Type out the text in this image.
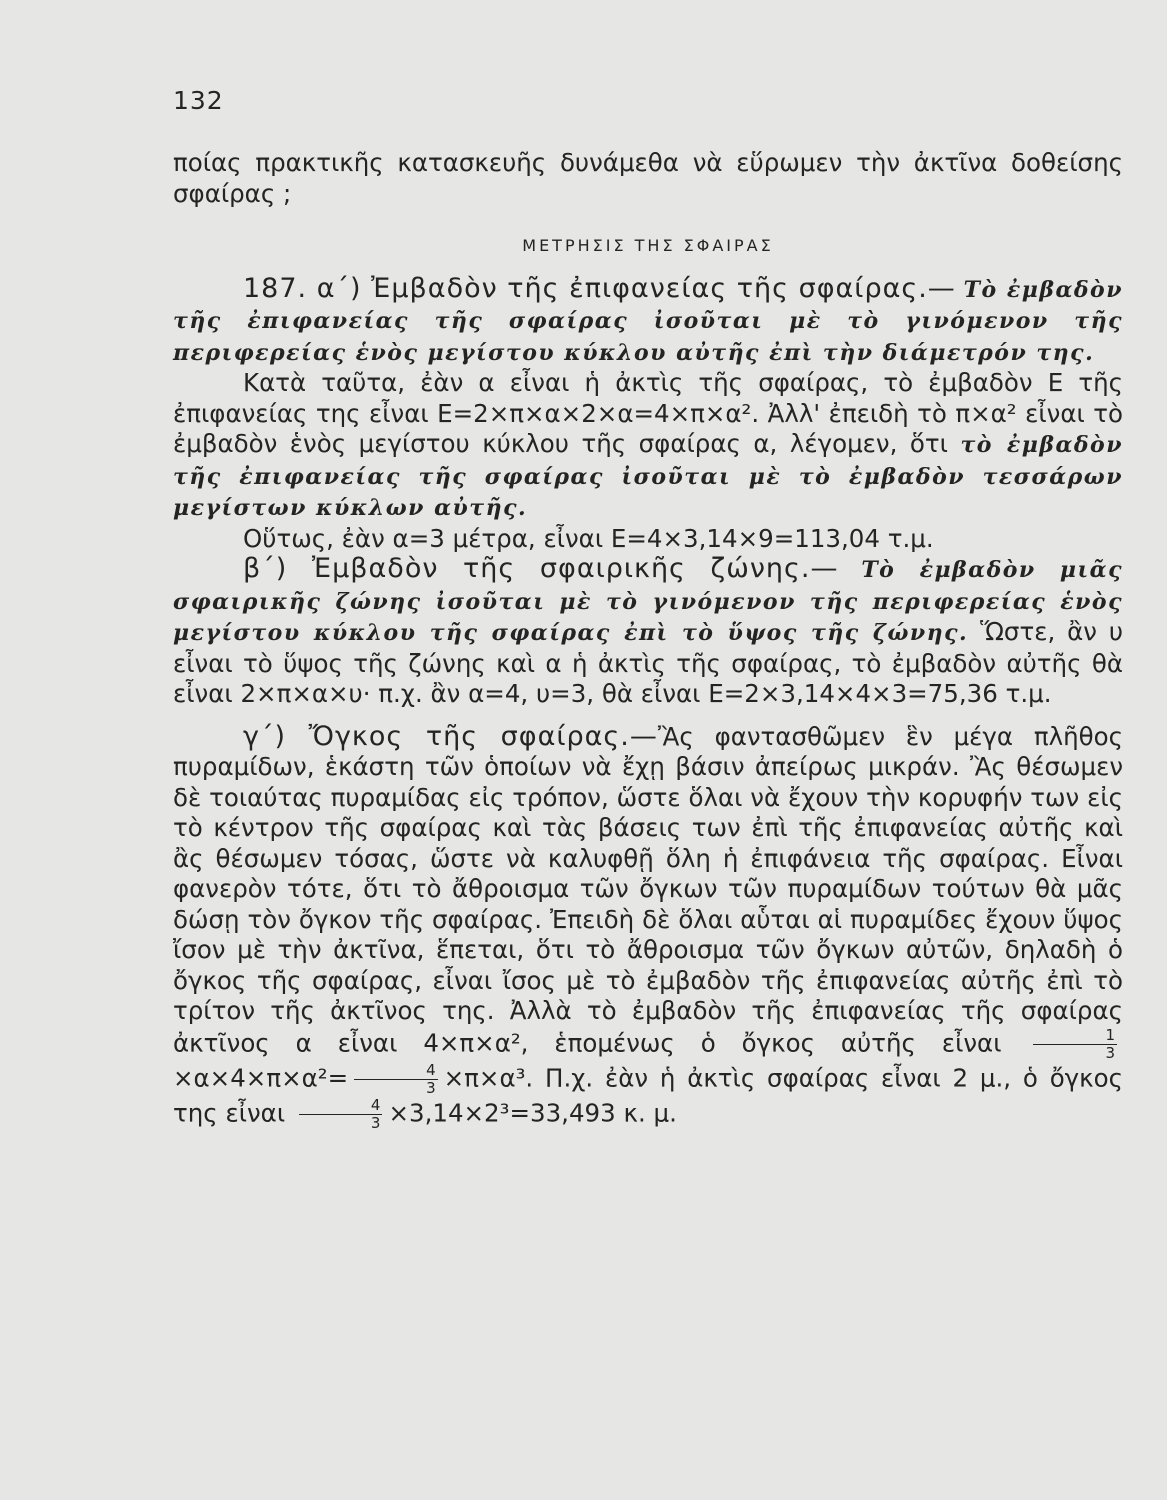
132

ποίας πρακτικῆς κατασκευῆς δυνάμεθα νὰ εὕρωμεν τὴν ἀκτῖνα δοθείσης σφαίρας ;

ΜΕΤΡΗΣΙΣ ΤΗΣ ΣΦΑΙΡΑΣ

187. α΄) Ἐμβαδὸν τῆς ἐπιφανείας τῆς σφαίρας.— Τὸ ἐμβαδὸν τῆς ἐπιφανείας τῆς σφαίρας ἰσοῦται μὲ τὸ γινόμενον τῆς περιφερείας ἑνὸς μεγίστου κύκλου αὐτῆς ἐπὶ τὴν διάμετρόν της.

Κατὰ ταῦτα, ἐὰν α εἶναι ἡ ἀκτὶς τῆς σφαίρας, τὸ ἐμβαδὸν Ε τῆς ἐπιφανείας της εἶναι Ε=2×π×α×2×α=4×π×α². Ἀλλ' ἐπειδὴ τὸ π×α² εἶναι τὸ ἐμβαδὸν ἑνὸς μεγίστου κύκλου τῆς σφαίρας α, λέγομεν, ὅτι τὸ ἐμβαδὸν τῆς ἐπιφανείας τῆς σφαίρας ἰσοῦται μὲ τὸ ἐμβαδὸν τεσσάρων μεγίστων κύκλων αὐτῆς.

Οὕτως, ἐὰν α=3 μέτρα, εἶναι Ε=4×3,14×9=113,04 τ.μ.

β΄) Ἐμβαδὸν τῆς σφαιρικῆς ζώνης.— Τὸ ἐμβαδὸν μιᾶς σφαιρικῆς ζώνης ἰσοῦται μὲ τὸ γινόμενον τῆς περιφερείας ἑνὸς μεγίστου κύκλου τῆς σφαίρας ἐπὶ τὸ ὕψος τῆς ζώνης. Ὥστε, ἂν υ εἶναι τὸ ὕψος τῆς ζώνης καὶ α ἡ ἀκτὶς τῆς σφαίρας, τὸ ἐμβαδὸν αὐτῆς θὰ εἶναι 2×π×α×υ· π.χ. ἂν α=4, υ=3, θὰ εἶναι Ε=2×3,14×4×3=75,36 τ.μ.

γ΄) Ὄγκος τῆς σφαίρας.—Ἂς φαντασθῶμεν ἓν μέγα πλῆθος πυραμίδων, ἑκάστη τῶν ὁποίων νὰ ἔχῃ βάσιν ἀπείρως μικράν. Ἂς θέσωμεν δὲ τοιαύτας πυραμίδας εἰς τρόπον, ὥστε ὅλαι νὰ ἔχουν τὴν κορυφήν των εἰς τὸ κέντρον τῆς σφαίρας καὶ τὰς βάσεις των ἐπὶ τῆς ἐπιφανείας αὐτῆς καὶ ἂς θέσωμεν τόσας, ὥστε νὰ καλυφθῇ ὅλη ἡ ἐπιφάνεια τῆς σφαίρας. Εἶναι φανερὸν τότε, ὅτι τὸ ἄθροισμα τῶν ὄγκων τῶν πυραμίδων τούτων θὰ μᾶς δώσῃ τὸν ὄγκον τῆς σφαίρας. Ἐπειδὴ δὲ ὅλαι αὗται αἱ πυραμίδες ἔχουν ὕψος ἴσον μὲ τὴν ἀκτῖνα, ἕπεται, ὅτι τὸ ἄθροισμα τῶν ὄγκων αὐτῶν, δηλαδὴ ὁ ὄγκος τῆς σφαίρας, εἶναι ἴσος μὲ τὸ ἐμβαδὸν τῆς ἐπιφανείας αὐτῆς ἐπὶ τὸ τρίτον τῆς ἀκτῖνος της. Ἀλλὰ τὸ ἐμβαδὸν τῆς ἐπιφανείας τῆς σφαίρας ἀκτῖνος α εἶναι 4×π×α², ἑπομένως ὁ ὄγκος αὐτῆς εἶναι $\frac{1}{3}$
$\times\alpha\times 4\times\pi\times\alpha^2= \frac{4}{3} \times\pi\times\alpha^3$. Π.χ. ἐὰν ἡ ἀκτὶς σφαίρας εἶναι 2 μ., ὁ ὄγκος της εἶναι $\frac{4}{3} \times 3,14\times 2^3=33,493$ κ. μ.
